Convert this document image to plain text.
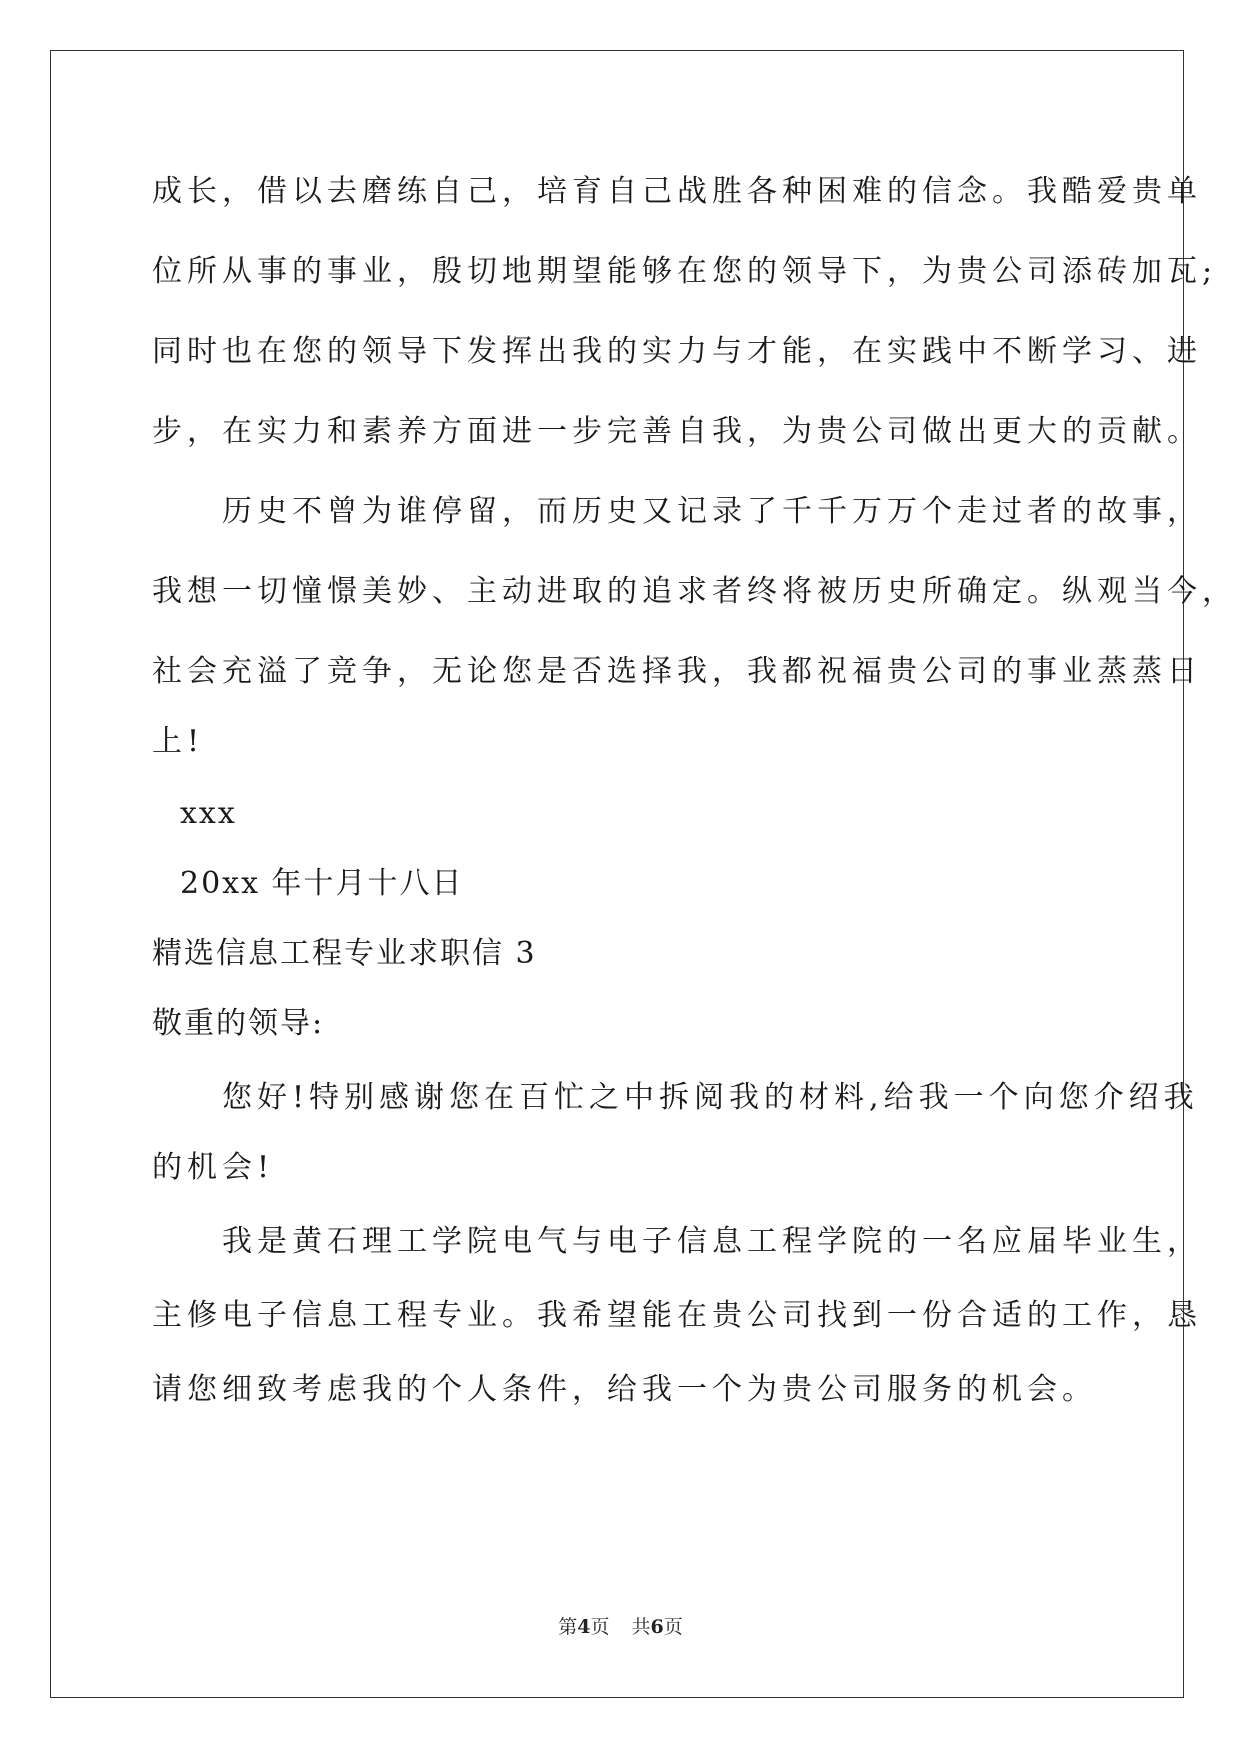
成长，借以去磨练自己，培育自己战胜各种困难的信念。我酷爱贵单
位所从事的事业，殷切地期望能够在您的领导下，为贵公司添砖加瓦;
同时也在您的领导下发挥出我的实力与才能，在实践中不断学习、进
步，在实力和素养方面进一步完善自我，为贵公司做出更大的贡献。
　　历史不曾为谁停留，而历史又记录了千千万万个走过者的故事，
我想一切憧憬美妙、主动进取的追求者终将被历史所确定。纵观当今，
社会充溢了竞争，无论您是否选择我，我都祝福贵公司的事业蒸蒸日
上!
xxx
20xx 年十月十八日
精选信息工程专业求职信 3
敬重的领导:
　　您好!特别感谢您在百忙之中拆阅我的材料,给我一个向您介绍我
的机会!
　　我是黄石理工学院电气与电子信息工程学院的一名应届毕业生，
主修电子信息工程专业。我希望能在贵公司找到一份合适的工作，恳
请您细致考虑我的个人条件，给我一个为贵公司服务的机会。
第4页 共6页
